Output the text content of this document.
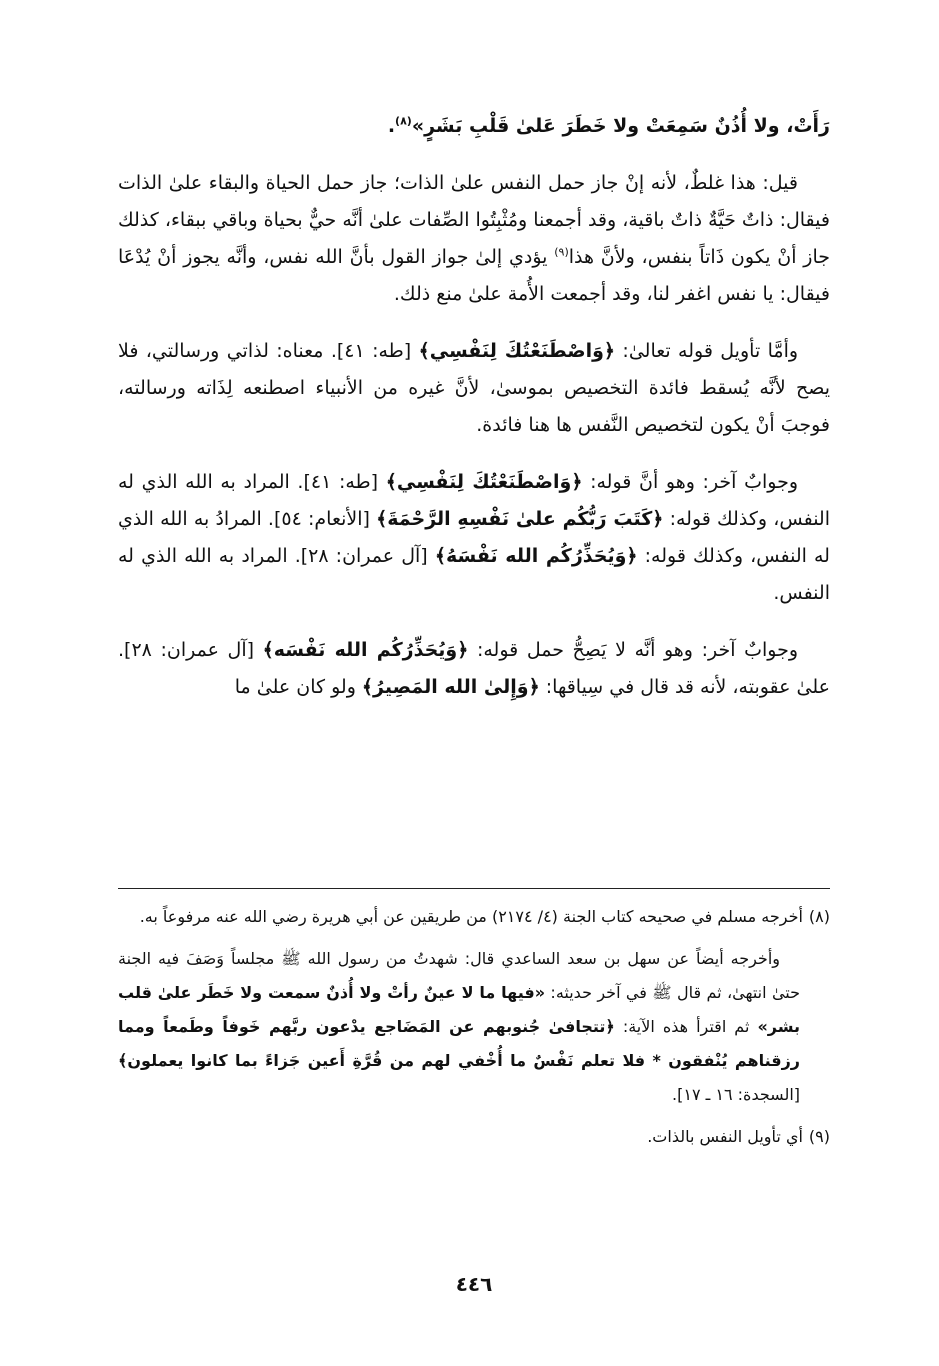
رَأَتْ، ولا أُذُنٌ سَمِعَتْ ولا خَطَرَ عَلىٰ قَلْبِ بَشَرٍ»$^{(٨)}$.

قيل: هذا غلطٌ، لأنه إنْ جاز حمل النفس علىٰ الذات؛ جاز حمل الحياة والبقاء علىٰ الذات فيقال: ذاتٌ حَيَّةٌ ذاتٌ باقية، وقد أجمعنا ومُثْبِتُوا الصِّفات علىٰ أنَّه حيٌّ بحياة وباقي ببقاء، كذلك جاز أنْ يكون ذَاتاً بنفس، ولأنَّ هذا$^{(٩)}$ يؤدي إلىٰ جواز القول بأنَّ الله نفس، وأنَّه يجوز أنْ يُدْعَا فيقال: يا نفس اغفر لنا، وقد أجمعت الأُمة علىٰ منع ذلك.

وأمَّا تأويل قوله تعالىٰ: ﴿وَاصْطَنَعْتُكَ لِنَفْسِي﴾ [طه: ٤١]. معناه: لذاتي ورسالتي، فلا يصح لأنَّه يُسقط فائدة التخصيص بموسىٰ، لأنَّ غيره من الأنبياء اصطنعه لِذَاته ورسالته، فوجبَ أنْ يكون لتخصيص النَّفس ها هنا فائدة.

وجوابٌ آخر: وهو أنَّ قوله: ﴿وَاصْطَنَعْتُكَ لِنَفْسِي﴾ [طه: ٤١]. المراد به الله الذي له النفس، وكذلك قوله: ﴿كَتَبَ رَبُّكُم علىٰ نَفْسِهِ الرَّحْمَةَ﴾ [الأنعام: ٥٤]. المرادُ به الله الذي له النفس، وكذلك قوله: ﴿وَيُحَذِّرُكُم الله نَفْسَهُ﴾ [آل عمران: ٢٨]. المراد به الله الذي له النفس.

وجوابٌ آخر: وهو أنَّه لا يَصِحُّ حمل قوله: ﴿وَيُحَذِّرُكُم الله نَفْسَه﴾ [آل عمران: ٢٨]. علىٰ عقوبته، لأنه قد قال في سِياقها: ﴿وَإِلىٰ الله المَصِيرُ﴾ ولو كان علىٰ ما

(٨)أخرجه مسلم في صحيحه كتاب الجنة (٤/ ٢١٧٤) من طريقين عن أبي هريرة رضي الله عنه مرفوعاً به.

وأخرجه أيضاً عن سهل بن سعد الساعدي قال: شهدتُ من رسول الله ﷺ مجلساً وَصَفَ فيه الجنة حتىٰ انتهىٰ، ثم قال ﷺ في آخر حديثه: «فيها ما لا عينٌ رأتْ ولا أُذنٌ سمعت ولا خَطَر علىٰ قلب بشر» ثم اقترأ هذه الآية: ﴿تتجافىٰ جُنوبهم عن المَضَاجع يدْعون ربَّهم خَوفاً وطَمعاً ومما رزقناهم يُنْفقون * فلا تعلم نَفْسٌ ما أُخْفي لهم من قُرَّةِ أَعين جَزاءً بما كانوا يعملون﴾ [السجدة: ١٦ ـ ١٧].

(٩)أي تأويل النفس بالذات.

٤٤٦
